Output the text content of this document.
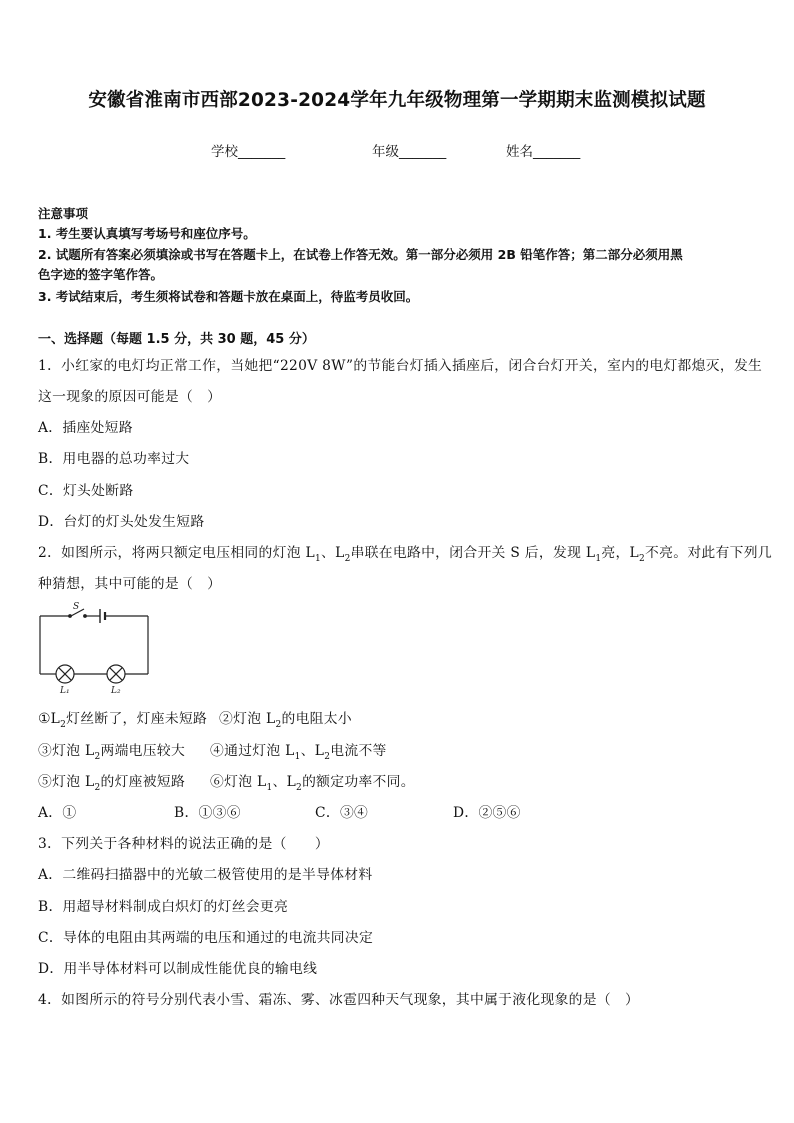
安徽省淮南市西部2023-2024学年九年级物理第一学期期末监测模拟试题
学校_______	年级_______	姓名_______
注意事项
1. 考生要认真填写考场号和座位序号。
2. 试题所有答案必须填涂或书写在答题卡上，在试卷上作答无效。第一部分必须用 2B 铅笔作答；第二部分必须用黑
色字迹的签字笔作答。
3. 考试结束后，考生须将试卷和答题卡放在桌面上，待监考员收回。
一、选择题（每题 1.5 分，共 30 题，45 分）
1．小红家的电灯均正常工作，当她把“220V 8W”的节能台灯插入插座后，闭合台灯开关，室内的电灯都熄灭，发生
这一现象的原因可能是（　）
A．插座处短路
B．用电器的总功率过大
C．灯头处断路
D．台灯的灯头处发生短路
2．如图所示，将两只额定电压相同的灯泡 $L_1$、$L_2$串联在电路中，闭合开关 S 后，发现 $L_1$亮，$L_2$不亮。对此有下列几
种猜想，其中可能的是（　）
S
L₁	L₂
$①L_2$灯丝断了，灯座未短路 ②灯泡 $L_2$的电阻太小
③灯泡 $L_2$两端电压较大 ④通过灯泡 $L_1$、$L_2$电流不等
⑤灯泡 $L_2$的灯座被短路 ⑥灯泡 $L_1$、$L_2$的额定功率不同。
A．①	B．①③⑥	C．③④	D．②⑤⑥
3．下列关于各种材料的说法正确的是（　　）
A．二维码扫描器中的光敏二极管使用的是半导体材料
B．用超导材料制成白炽灯的灯丝会更亮
C．导体的电阻由其两端的电压和通过的电流共同决定
D．用半导体材料可以制成性能优良的输电线
4．如图所示的符号分别代表小雪、霜冻、雾、冰雹四种天气现象，其中属于液化现象的是（　）
